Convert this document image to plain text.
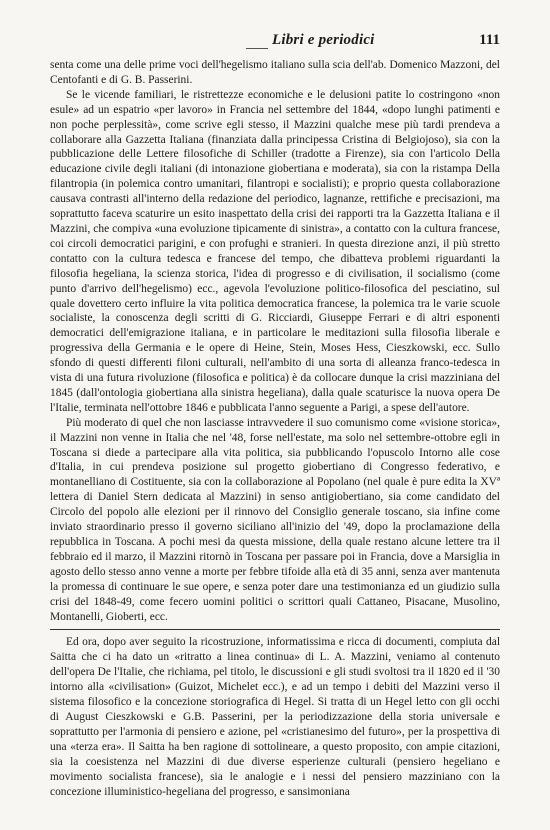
Libri e periodici	111

senta come una delle prime voci dell'hegelismo italiano sulla scia dell'ab. Domenico Mazzoni, del Centofanti e di G. B. Passerini.

Se le vicende familiari, le ristrettezze economiche e le delusioni patite lo costringono «non esule» ad un espatrio «per lavoro» in Francia nel settembre del 1844, «dopo lunghi patimenti e non poche perplessità», come scrive egli stesso, il Mazzini qualche mese più tardi prendeva a collaborare alla Gazzetta Italiana (finanziata dalla principessa Cristina di Belgiojoso), sia con la pubblicazione delle Lettere filosofiche di Schiller (tradotte a Firenze), sia con l'articolo Della educazione civile degli italiani (di intonazione giobertiana e moderata), sia con la ristampa Della filantropia (in polemica contro umanitari, filantropi e socialisti); e proprio questa collaborazione causava contrasti all'interno della redazione del periodico, lagnanze, rettifiche e precisazioni, ma soprattutto faceva scaturire un esito inaspettato della crisi dei rapporti tra la Gazzetta Italiana e il Mazzini, che compiva «una evoluzione tipicamente di sinistra», a contatto con la cultura francese, coi circoli democratici parigini, e con profughi e stranieri. In questa direzione anzi, il più stretto contatto con la cultura tedesca e francese del tempo, che dibatteva problemi riguardanti la filosofia hegeliana, la scienza storica, l'idea di progresso e di civilisation, il socialismo (come punto d'arrivo dell'hegelismo) ecc., agevola l'evoluzione politico-filosofica del pesciatino, sul quale dovettero certo influire la vita politica democratica francese, la polemica tra le varie scuole socialiste, la conoscenza degli scritti di G. Ricciardi, Giuseppe Ferrari e di altri esponenti democratici dell'emigrazione italiana, e in particolare le meditazioni sulla filosofia liberale e progressiva della Germania e le opere di Heine, Stein, Moses Hess, Cieszkowski, ecc. Sullo sfondo di questi differenti filoni culturali, nell'ambito di una sorta di alleanza franco-tedesca in vista di una futura rivoluzione (filosofica e politica) è da collocare dunque la crisi mazziniana del 1845 (dall'ontologia giobertiana alla sinistra hegeliana), dalla quale scaturisce la nuova opera De l'Italie, terminata nell'ottobre 1846 e pubblicata l'anno seguente a Parigi, a spese dell'autore.

Più moderato di quel che non lasciasse intravvedere il suo comunismo come «visione storica», il Mazzini non venne in Italia che nel '48, forse nell'estate, ma solo nel settembre-ottobre egli in Toscana si diede a partecipare alla vita politica, sia pubblicando l'opuscolo Intorno alle cose d'Italia, in cui prendeva posizione sul progetto giobertiano di Congresso federativo, e montanelliano di Costituente, sia con la collaborazione al Popolano (nel quale è pure edita la XVª lettera di Daniel Stern dedicata al Mazzini) in senso antigiobertiano, sia come candidato del Circolo del popolo alle elezioni per il rinnovo del Consiglio generale toscano, sia infine come inviato straordinario presso il governo siciliano all'inizio del '49, dopo la proclamazione della repubblica in Toscana. A pochi mesi da questa missione, della quale restano alcune lettere tra il febbraio ed il marzo, il Mazzini ritornò in Toscana per passare poi in Francia, dove a Marsiglia in agosto dello stesso anno venne a morte per febbre tifoide alla età di 35 anni, senza aver mantenuta la promessa di continuare le sue opere, e senza poter dare una testimonianza ed un giudizio sulla crisi del 1848-49, come fecero uomini politici o scrittori quali Cattaneo, Pisacane, Musolino, Montanelli, Gioberti, ecc.

Ed ora, dopo aver seguito la ricostruzione, informatissima e ricca di documenti, compiuta dal Saitta che ci ha dato un «ritratto a linea continua» di L. A. Mazzini, veniamo al contenuto dell'opera De l'Italie, che richiama, pel titolo, le discussioni e gli studi svoltosi tra il 1820 ed il '30 intorno alla «civilisation» (Guizot, Michelet ecc.), e ad un tempo i debiti del Mazzini verso il sistema filosofico e la concezione storiografica di Hegel. Si tratta di un Hegel letto con gli occhi di August Cieszkowski e G.B. Passerini, per la periodizzazione della storia universale e soprattutto per l'armonia di pensiero e azione, pel «cristianesimo del futuro», per la prospettiva di una «terza era». Il Saitta ha ben ragione di sottolineare, a questo proposito, con ampie citazioni, sia la coesistenza nel Mazzini di due diverse esperienze culturali (pensiero hegeliano e movimento socialista francese), sia le analogie e i nessi del pensiero mazziniano con la concezione illuministico-hegeliana del progresso, e sansimoniana
